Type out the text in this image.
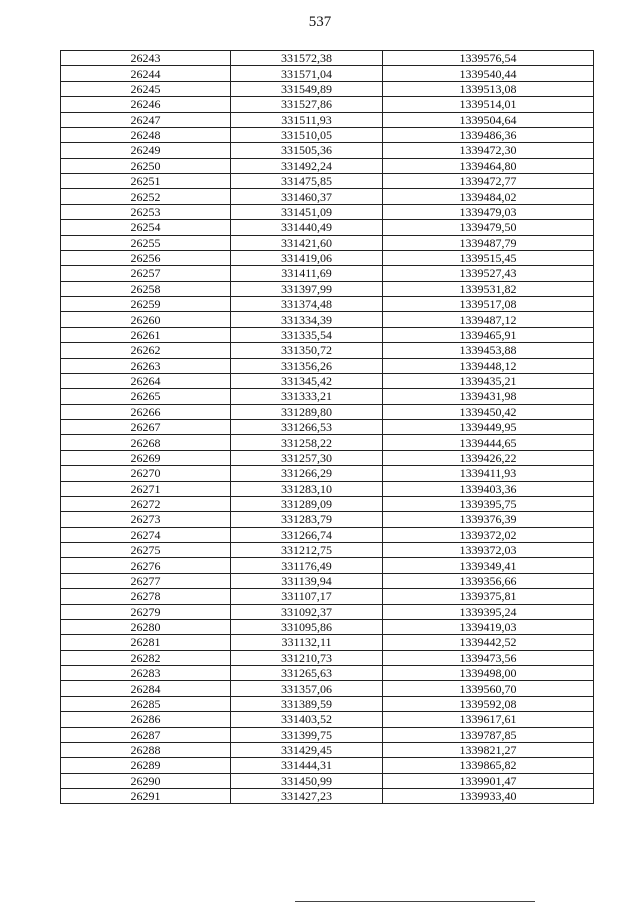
537
26243	331572,38	1339576,54
26244	331571,04	1339540,44
26245	331549,89	1339513,08
26246	331527,86	1339514,01
26247	331511,93	1339504,64
26248	331510,05	1339486,36
26249	331505,36	1339472,30
26250	331492,24	1339464,80
26251	331475,85	1339472,77
26252	331460,37	1339484,02
26253	331451,09	1339479,03
26254	331440,49	1339479,50
26255	331421,60	1339487,79
26256	331419,06	1339515,45
26257	331411,69	1339527,43
26258	331397,99	1339531,82
26259	331374,48	1339517,08
26260	331334,39	1339487,12
26261	331335,54	1339465,91
26262	331350,72	1339453,88
26263	331356,26	1339448,12
26264	331345,42	1339435,21
26265	331333,21	1339431,98
26266	331289,80	1339450,42
26267	331266,53	1339449,95
26268	331258,22	1339444,65
26269	331257,30	1339426,22
26270	331266,29	1339411,93
26271	331283,10	1339403,36
26272	331289,09	1339395,75
26273	331283,79	1339376,39
26274	331266,74	1339372,02
26275	331212,75	1339372,03
26276	331176,49	1339349,41
26277	331139,94	1339356,66
26278	331107,17	1339375,81
26279	331092,37	1339395,24
26280	331095,86	1339419,03
26281	331132,11	1339442,52
26282	331210,73	1339473,56
26283	331265,63	1339498,00
26284	331357,06	1339560,70
26285	331389,59	1339592,08
26286	331403,52	1339617,61
26287	331399,75	1339787,85
26288	331429,45	1339821,27
26289	331444,31	1339865,82
26290	331450,99	1339901,47
26291	331427,23	1339933,40
